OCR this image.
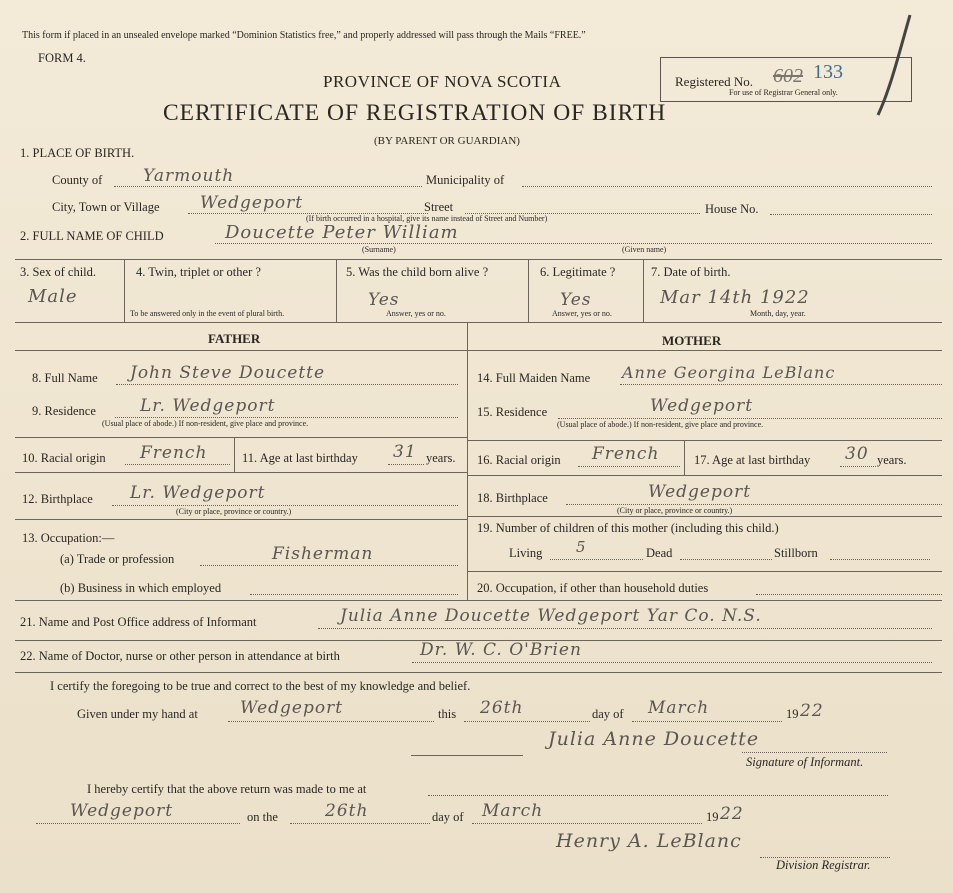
This form if placed in an unsealed envelope marked “Dominion Statistics free,” and properly addressed will pass through the Mails “FREE.”
FORM 4.
PROVINCE OF NOVA SCOTIA
CERTIFICATE OF REGISTRATION OF BIRTH
(BY PARENT OR GUARDIAN)
Registered No. 602 133
For use of Registrar General only.
1. PLACE OF BIRTH.
County of Yarmouth	Municipality of
City, Town or Village Wedgeport	Street	House No.
(If birth occurred in a hospital, give its name instead of Street and Number)
2. FULL NAME OF CHILD	Doucette Peter William
(Surname)	(Given name)
3. Sex of child.
Male
4. Twin, triplet or other ?
To be answered only in the event of plural birth.
5. Was the child born alive ?
Yes
Answer, yes or no.
6. Legitimate ?
Yes
Answer, yes or no.
7. Date of birth.
Mar 14th 1922
Month, day, year.
FATHER	MOTHER
8. Full Name John Steve Doucette
9. Residence	Lr. Wedgeport
(Usual place of abode.) If non-resident, give place and province.
10. Racial origin French	11. Age at last birthday 31 years.
12. Birthplace Lr. Wedgeport
(City or place, province or country.)
13. Occupation:—
(a) Trade or profession	Fisherman
(b) Business in which employed
14. Full Maiden Name Anne Georgina LeBlanc
15. Residence	Wedgeport
(Usual place of abode.) If non-resident, give place and province.
16. Racial origin French	17. Age at last birthday 30 years.
18. Birthplace	Wedgeport
(City or place, province or country.)
19. Number of children of this mother (including this child.)
Living 5	Dead	Stillborn
20. Occupation, if other than household duties
21. Name and Post Office address of Informant	Julia Anne Doucette Wedgeport Yar Co. N.S.
22. Name of Doctor, nurse or other person in attendance at birth	Dr. W. C. O'Brien
I certify the foregoing to be true and correct to the best of my knowledge and belief.
Given under my hand at Wedgeport	this 26th	day of March	19 22
Julia Anne Doucette
Signature of Informant.
I hereby certify that the above return was made to me at
Wedgeport	on the	26th	day of March	19 22
Henry A. LeBlanc
Division Registrar.
